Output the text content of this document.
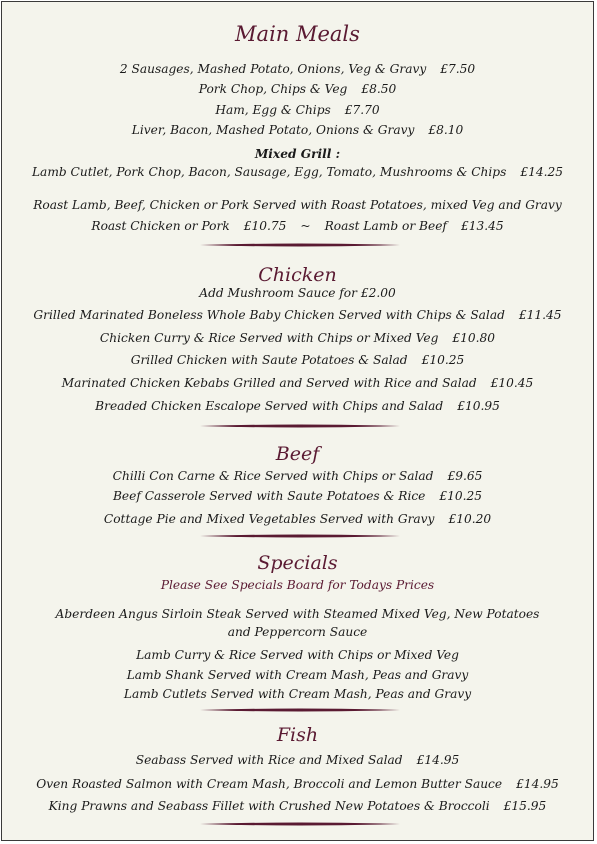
Main Meals
2 Sausages, Mashed Potato, Onions, Veg & Gravy £7.50
Pork Chop, Chips & Veg £8.50
Ham, Egg & Chips £7.70
Liver, Bacon, Mashed Potato, Onions & Gravy £8.10
Mixed Grill :
Lamb Cutlet, Pork Chop, Bacon, Sausage, Egg, Tomato, Mushrooms & Chips £14.25
Roast Lamb, Beef, Chicken or Pork Served with Roast Potatoes, mixed Veg and Gravy
Roast Chicken or Pork £10.75 ~ Roast Lamb or Beef £13.45
Chicken
Add Mushroom Sauce for £2.00
Grilled Marinated Boneless Whole Baby Chicken Served with Chips & Salad £11.45
Chicken Curry & Rice Served with Chips or Mixed Veg £10.80
Grilled Chicken with Saute Potatoes & Salad £10.25
Marinated Chicken Kebabs Grilled and Served with Rice and Salad £10.45
Breaded Chicken Escalope Served with Chips and Salad £10.95
Beef
Chilli Con Carne & Rice Served with Chips or Salad £9.65
Beef Casserole Served with Saute Potatoes & Rice £10.25
Cottage Pie and Mixed Vegetables Served with Gravy £10.20
Specials
Please See Specials Board for Todays Prices
Aberdeen Angus Sirloin Steak Served with Steamed Mixed Veg, New Potatoes
and Peppercorn Sauce
Lamb Curry & Rice Served with Chips or Mixed Veg
Lamb Shank Served with Cream Mash, Peas and Gravy
Lamb Cutlets Served with Cream Mash, Peas and Gravy
Fish
Seabass Served with Rice and Mixed Salad £14.95
Oven Roasted Salmon with Cream Mash, Broccoli and Lemon Butter Sauce £14.95
King Prawns and Seabass Fillet with Crushed New Potatoes & Broccoli £15.95
